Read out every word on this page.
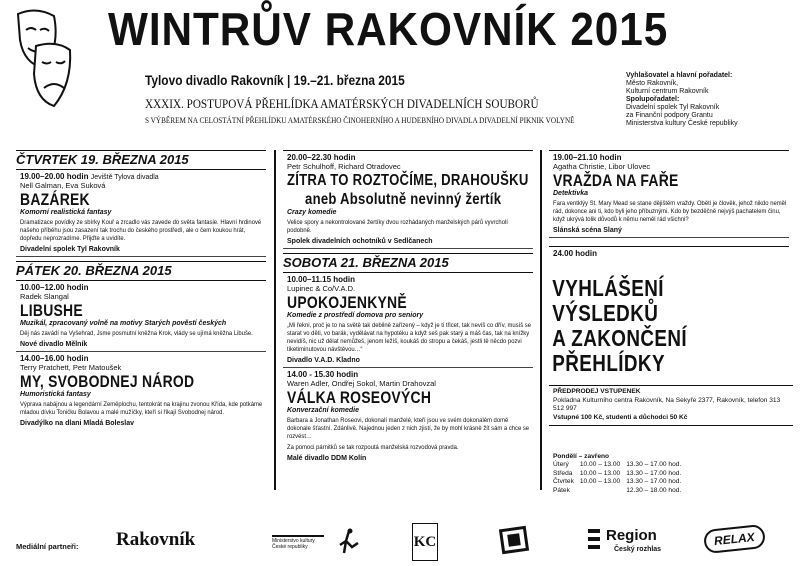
WINTRŮV RAKOVNÍK 2015
Tylovo divadlo Rakovník | 19.–21. března 2015
XXXIX. POSTUPOVÁ PŘEHLÍDKA AMATÉRSKÝCH DIVADELNÍCH SOUBORŮ
S VÝBĚREM NA CELOSTÁTNÍ PŘEHLÍDKU AMATÉRSKÉHO ČINOHERNÍHO A HUDEBNÍHO DIVADLA DIVADELNÍ PIKNIK VOLYNĚ
Vyhlašovatel a hlavní pořadatel:
Město Rakovník,
Kulturní centrum Rakovník
Spolupořadatel:
Divadelní spolek Tyl Rakovník
za Finanční podpory Grantu
Ministerstva kultury České republiky
ČTVRTEK 19. BŘEZNA 2015
19.00–20.00 hodin Jeviště Tylova divadla
Nell Galman, Eva Suková
BAZÁREK
Komorní realistická fantasy
Dramatizace povídky ze sbírky Kouř a zrcadlo vás zavede do světa fantasie. Hlavní hrdinové našeho příběhu jsou zasazení tak trochu do českého prostředí, ale o čem koukou hrát, dopředu neprozradíme. Přijďte a uvidíte.
Divadelní spolek Tyl Rakovník
PÁTEK 20. BŘEZNA 2015
10.00–12.00 hodin
Radek Slangal
LIBUSHE
Muzikál, zpracovaný volně na motivy Starých pověstí českých
Děj nás zavádí na Vyšehrad, Jsme posmutní kněžna Krok, vlády se ujímá kněžna Libuše.
Nové divadlo Mělník
14.00–16.00 hodin
Terry Pratchett, Petr Matoušek
MY, SVOBODNEJ NÁROD
Humoristická fantasy
Výprava nabájnou a legendární Zeměplochu, tentokrát na krajinu zvonou Křída, kde potkáme mladou dívku Toničku Bolavou a malé mužíčky, kteří si říkají Svobodnej národ.
Divadýlko na dlani Mladá Boleslav
20.00–22.30 hodin
Petr Schulhoff, Richard Otradovec
ZÍTRA TO ROZTOČÍME, DRAHOUŠKU
aneb Absolutně nevinný žertík
Crazy komedie
Velice spory a nekontrolované žertíky dvou rozhádaných manželských párů vyvrcholí podobně.
Spolek divadelních ochotníků v Sedlčanech
SOBOTA 21. BŘEZNA 2015
10.00–11.15 hodin
Lupinec & Co/V.A.D.
UPOKOJENKYNĚ
Komedie z prostředí domova pro seniory
„Mi řekni, proč je to na světě tak debilně zařízený – když je ti třicet, tak nevíš co dřív, musíš se starat vo děti, vo barák, vydělávat na hypotéku a když seš pak starý a máš čas, tak na knížky nevidíš, nic už dělat nemůžeš, jenom ležíš, koukáš do stropu a čekáš, jestli tě něcdo pozvi tiketiminutovou návštěvou…“
Divadlo V.A.D. Kladno
14.00 - 15.30 hodin
Waren Adler, Ondřej Sokol, Martin Drahovzal
VÁLKA ROSEOVÝCH
Konverzační komedie
Barbara a Jonathan Roseovi, dokonalí manželé, kteří jsou ve svém dokonalém domě dokonale šťastní. Zdánlivě. Najednou jeden z nich zjistí, že by mohl krásně žít sám a chce se rozvést…
Za pomoci párnitků se tak rozpoutá manželská rozvodová pravda.
Malé divadlo DDM Kolín
19.00–21.10 hodin
Agatha Christie, Libor Ulovec
VRAŽDA NA FAŘE
Detektivka
Fara ventklýy St. Mary Mead se stane dějištěm vraždy. Oběti je člověk, jehož nikdo neměl rád, dokonce ani ti, kdo byli jeho příbuznými. Kdo by bezděčně nejvýš pachatelem činu, když ukrývá tolik důvodů k němu neměl rád všichni?
Slánská scéna Slaný
24.00 hodin
VYHLÁŠENÍ
VÝSLEDKŮ
A ZAKONČENÍ
PŘEHLÍDKY
PŘEDPRODEJ VSTUPENEK
Pokladna Kulturního centra Rakovník, Na Sekyře 2377, Rakovník, telefon 313 512 997
Vstupné 100 Kč, studenti a důchodci 50 Kč
Pondělí – zavřeno
Úterý	10.00 – 13.00	13.30 – 17.00 hod.
Středa	10.00 – 13.00	13.30 – 17.00 hod.
Čtvrtek	10.00 – 13.00	13.30 – 17.00 hod.
Pátek		12.30 – 18.00 hod.
Mediální partneři: Rakovník	Ministerstvo kultury České republiky	KC	Region
Český rozhlas
RELAX
